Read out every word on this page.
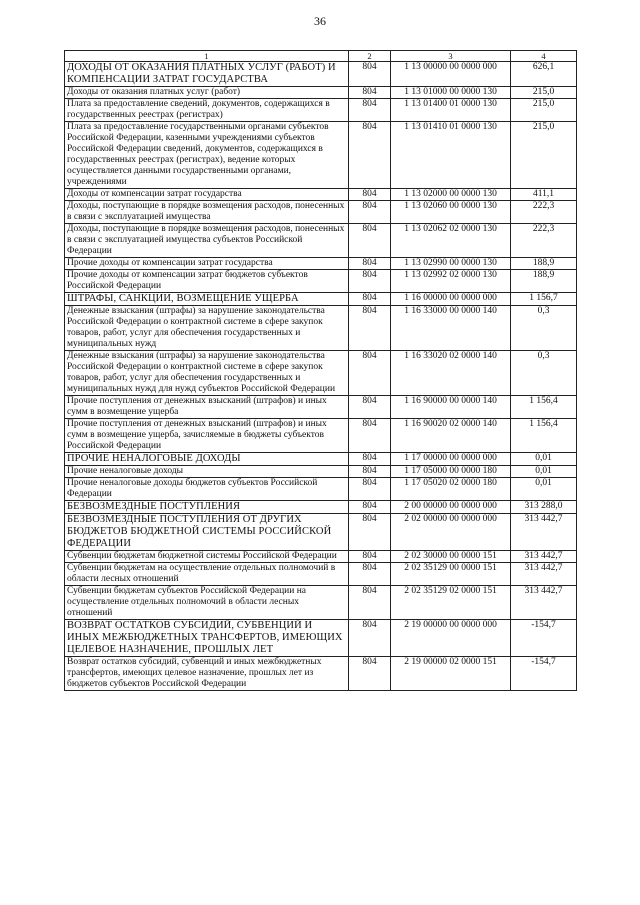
36
1	2	3	4
ДОХОДЫ ОТ ОКАЗАНИЯ ПЛАТНЫХ УСЛУГ (РАБОТ) И КОМПЕНСАЦИИ ЗАТРАТ ГОСУДАРСТВА	804	1 13 00000 00 0000 000	626,1
Доходы от оказания платных услуг (работ)	804	1 13 01000 00 0000 130	215,0
Плата за предоставление сведений, документов, содержащихся в государственных реестрах (регистрах)	804	1 13 01400 01 0000 130	215,0
Плата за предоставление государственными органами субъектов Российской Федерации, казенными учреждениями субъектов Российской Федерации сведений, документов, содержащихся в государственных реестрах (регистрах), ведение которых осуществляется данными государственными органами, учреждениями	804	1 13 01410 01 0000 130	215,0
Доходы от компенсации затрат государства	804	1 13 02000 00 0000 130	411,1
Доходы, поступающие в порядке возмещения расходов, понесенных в связи с эксплуатацией имущества	804	1 13 02060 00 0000 130	222,3
Доходы, поступающие в порядке возмещения расходов, понесенных в связи с эксплуатацией имущества субъектов Российской Федерации	804	1 13 02062 02 0000 130	222,3
Прочие доходы от компенсации затрат государства	804	1 13 02990 00 0000 130	188,9
Прочие доходы от компенсации затрат бюджетов субъектов Российской Федерации	804	1 13 02992 02 0000 130	188,9
ШТРАФЫ, САНКЦИИ, ВОЗМЕЩЕНИЕ УЩЕРБА	804	1 16 00000 00 0000 000	1 156,7
Денежные взыскания (штрафы) за нарушение законодательства Российской Федерации о контрактной системе в сфере закупок товаров, работ, услуг для обеспечения государственных и муниципальных нужд	804	1 16 33000 00 0000 140	0,3
Денежные взыскания (штрафы) за нарушение законодательства Российской Федерации о контрактной системе в сфере закупок товаров, работ, услуг для обеспечения государственных и муниципальных нужд для нужд субъектов Российской Федерации	804	1 16 33020 02 0000 140	0,3
Прочие поступления от денежных взысканий (штрафов) и иных сумм в возмещение ущерба	804	1 16 90000 00 0000 140	1 156,4
Прочие поступления от денежных взысканий (штрафов) и иных сумм в возмещение ущерба, зачисляемые в бюджеты субъектов Российской Федерации	804	1 16 90020 02 0000 140	1 156,4
ПРОЧИЕ НЕНАЛОГОВЫЕ ДОХОДЫ	804	1 17 00000 00 0000 000	0,01
Прочие неналоговые доходы	804	1 17 05000 00 0000 180	0,01
Прочие неналоговые доходы бюджетов субъектов Российской Федерации	804	1 17 05020 02 0000 180	0,01
БЕЗВОЗМЕЗДНЫЕ ПОСТУПЛЕНИЯ	804	2 00 00000 00 0000 000	313 288,0
БЕЗВОЗМЕЗДНЫЕ ПОСТУПЛЕНИЯ ОТ ДРУГИХ БЮДЖЕТОВ БЮДЖЕТНОЙ СИСТЕМЫ РОССИЙСКОЙ ФЕДЕРАЦИИ	804	2 02 00000 00 0000 000	313 442,7
Субвенции бюджетам бюджетной системы Российской Федерации	804	2 02 30000 00 0000 151	313 442,7
Субвенции бюджетам на осуществление отдельных полномочий в области лесных отношений	804	2 02 35129 00 0000 151	313 442,7
Субвенции бюджетам субъектов Российской Федерации на осуществление отдельных полномочий в области лесных отношений	804	2 02 35129 02 0000 151	313 442,7
ВОЗВРАТ ОСТАТКОВ СУБСИДИЙ, СУБВЕНЦИЙ И ИНЫХ МЕЖБЮДЖЕТНЫХ ТРАНСФЕРТОВ, ИМЕЮЩИХ ЦЕЛЕВОЕ НАЗНАЧЕНИЕ, ПРОШЛЫХ ЛЕТ	804	2 19 00000 00 0000 000	-154,7
Возврат остатков субсидий, субвенций и иных межбюджетных трансфертов, имеющих целевое назначение, прошлых лет из бюджетов субъектов Российской Федерации	804	2 19 00000 02 0000 151	-154,7
